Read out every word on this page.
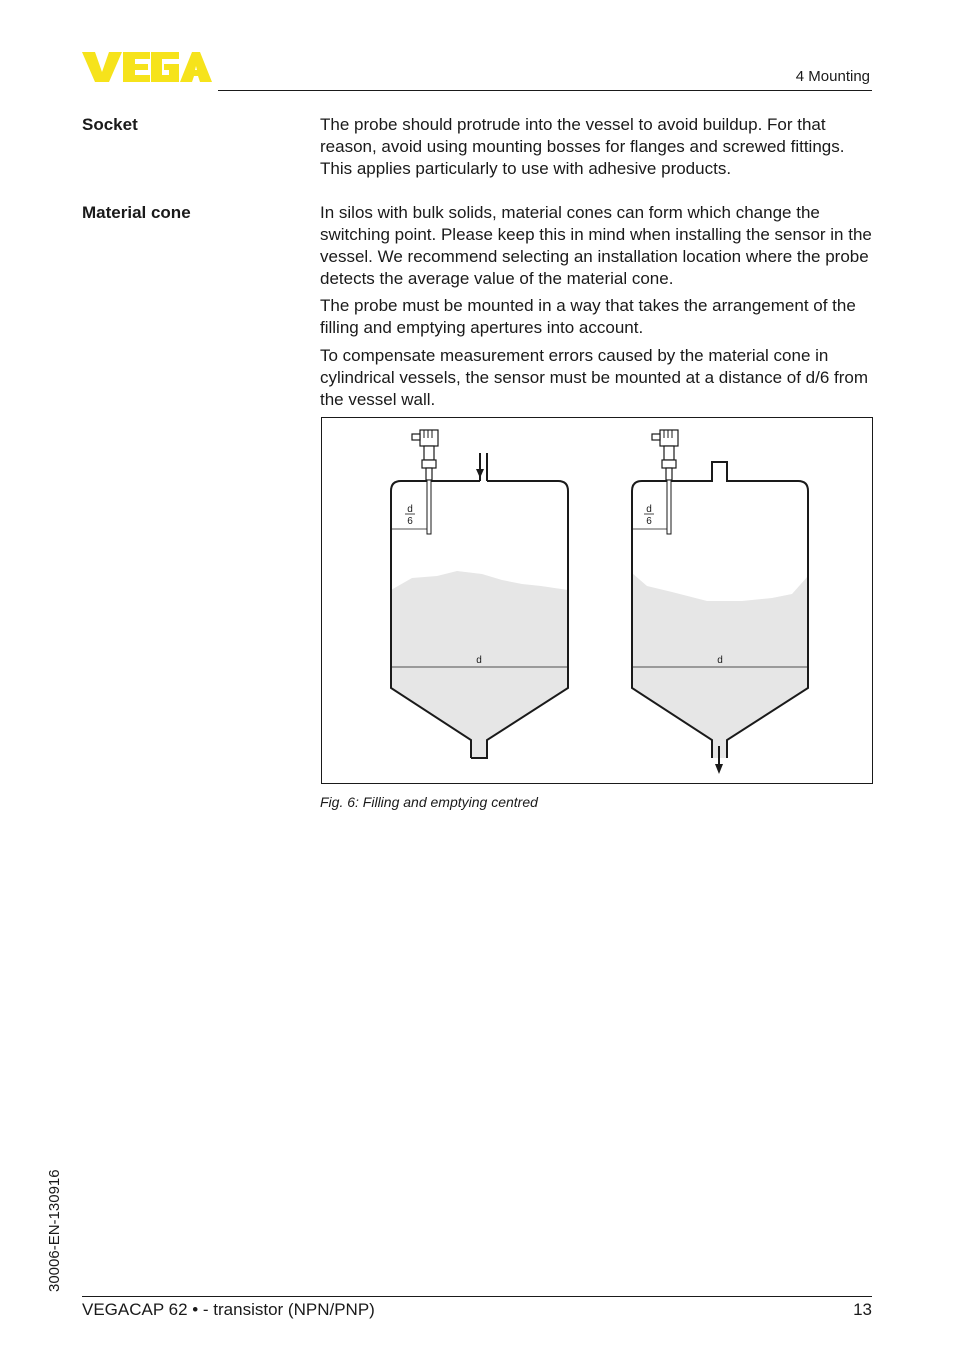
4 Mounting
Socket	The probe should protrude into the vessel to avoid buildup. For that reason, avoid using mounting bosses for flanges and screwed fittings. This applies particularly to use with adhesive products.

Material cone	In silos with bulk solids, material cones can form which change the switching point. Please keep this in mind when installing the sensor in the vessel. We recommend selecting an installation location where the probe detects the average value of the material cone.

The probe must be mounted in a way that takes the arrangement of the filling and emptying apertures into account.

To compensate measurement errors caused by the material cone in cylindrical vessels, the sensor must be mounted at a distance of d/6 from the vessel wall.

d
6
d
d
6
d
Fig. 6: Filling and emptying centred
30006-EN-130916
VEGACAP 62 • - transistor (NPN/PNP)	13
